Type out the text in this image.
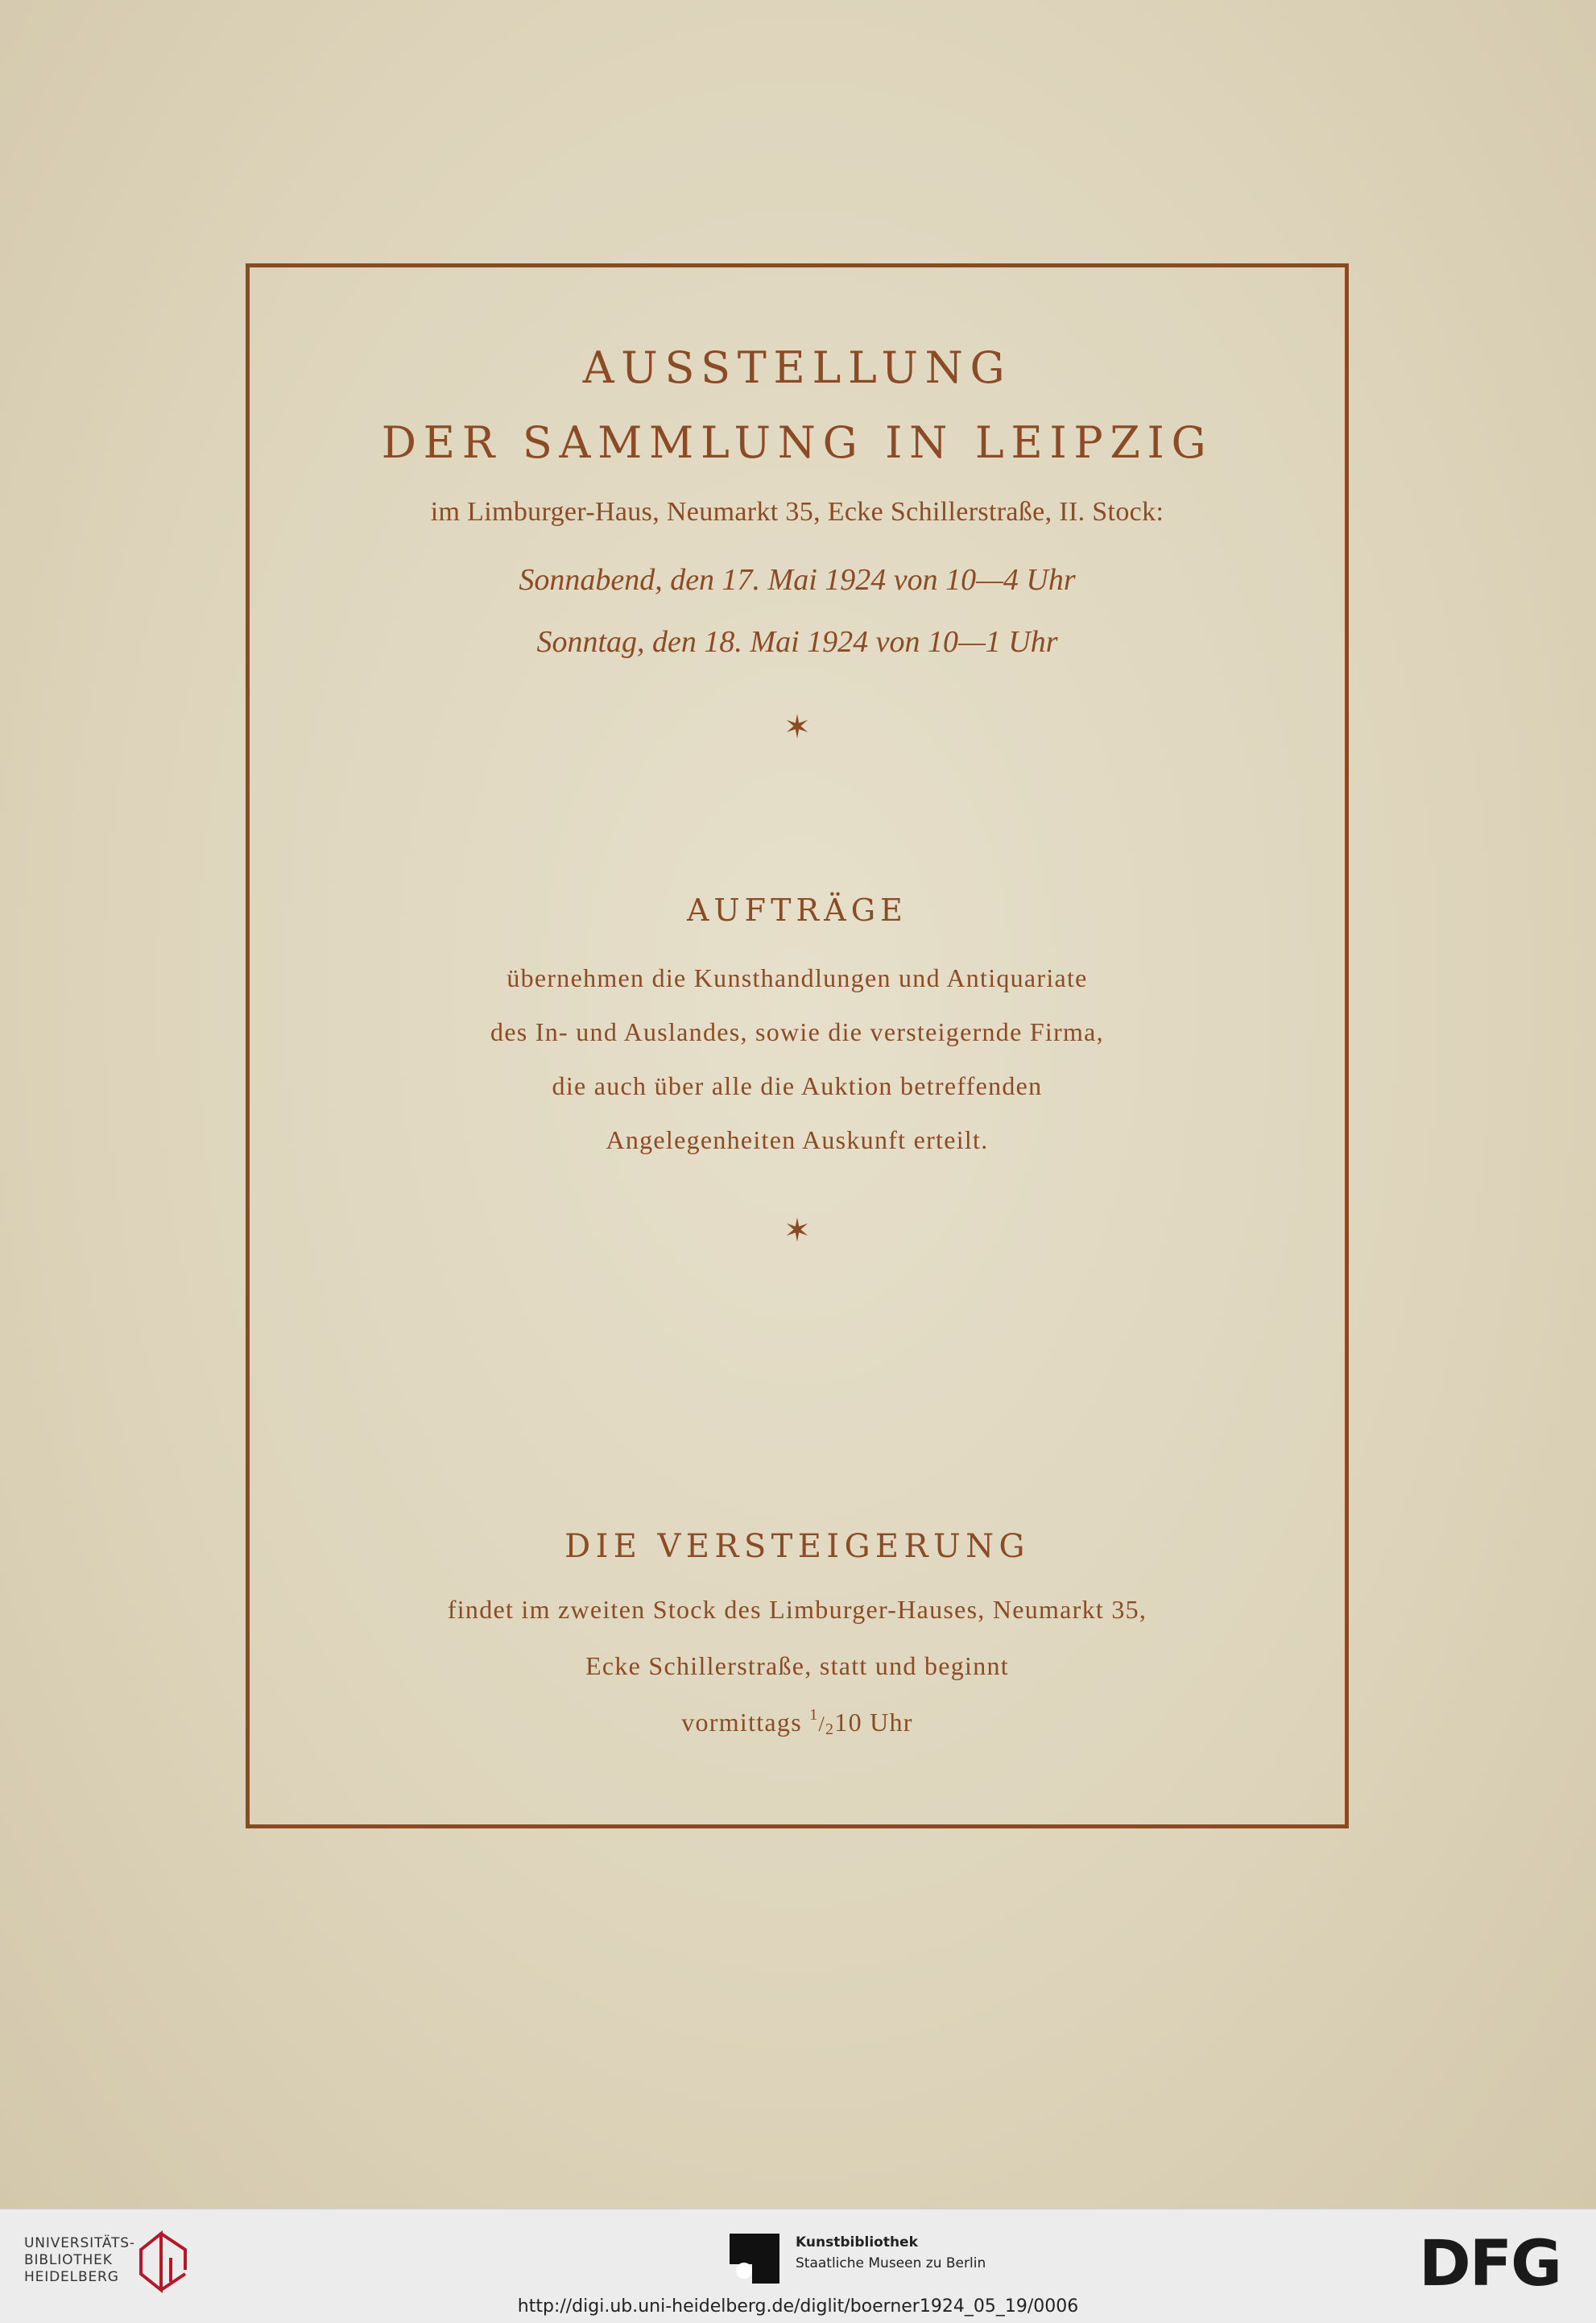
AUSSTELLUNG
DER SAMMLUNG IN LEIPZIG
im Limburger-Haus, Neumarkt 35, Ecke Schillerstraße, II. Stock:
Sonnabend, den 17. Mai 1924 von 10—4 Uhr
Sonntag, den 18. Mai 1924 von 10—1 Uhr
✶
AUFTRÄGE
übernehmen die Kunsthandlungen und Antiquariate
des In- und Auslandes, sowie die versteigernde Firma,
die auch über alle die Auktion betreffenden
Angelegenheiten Auskunft erteilt.
✶
DIE VERSTEIGERUNG
findet im zweiten Stock des Limburger-Hauses, Neumarkt 35,
Ecke Schillerstraße, statt und beginnt
vormittags $^1$/210 Uhr
UNIVERSITÄTS-
BIBLIOTHEK
HEIDELBERG
Kunstbibliothek
Staatliche Museen zu Berlin	DFG
http://digi.ub.uni-heidelberg.de/diglit/boerner1924_05_19/0006
